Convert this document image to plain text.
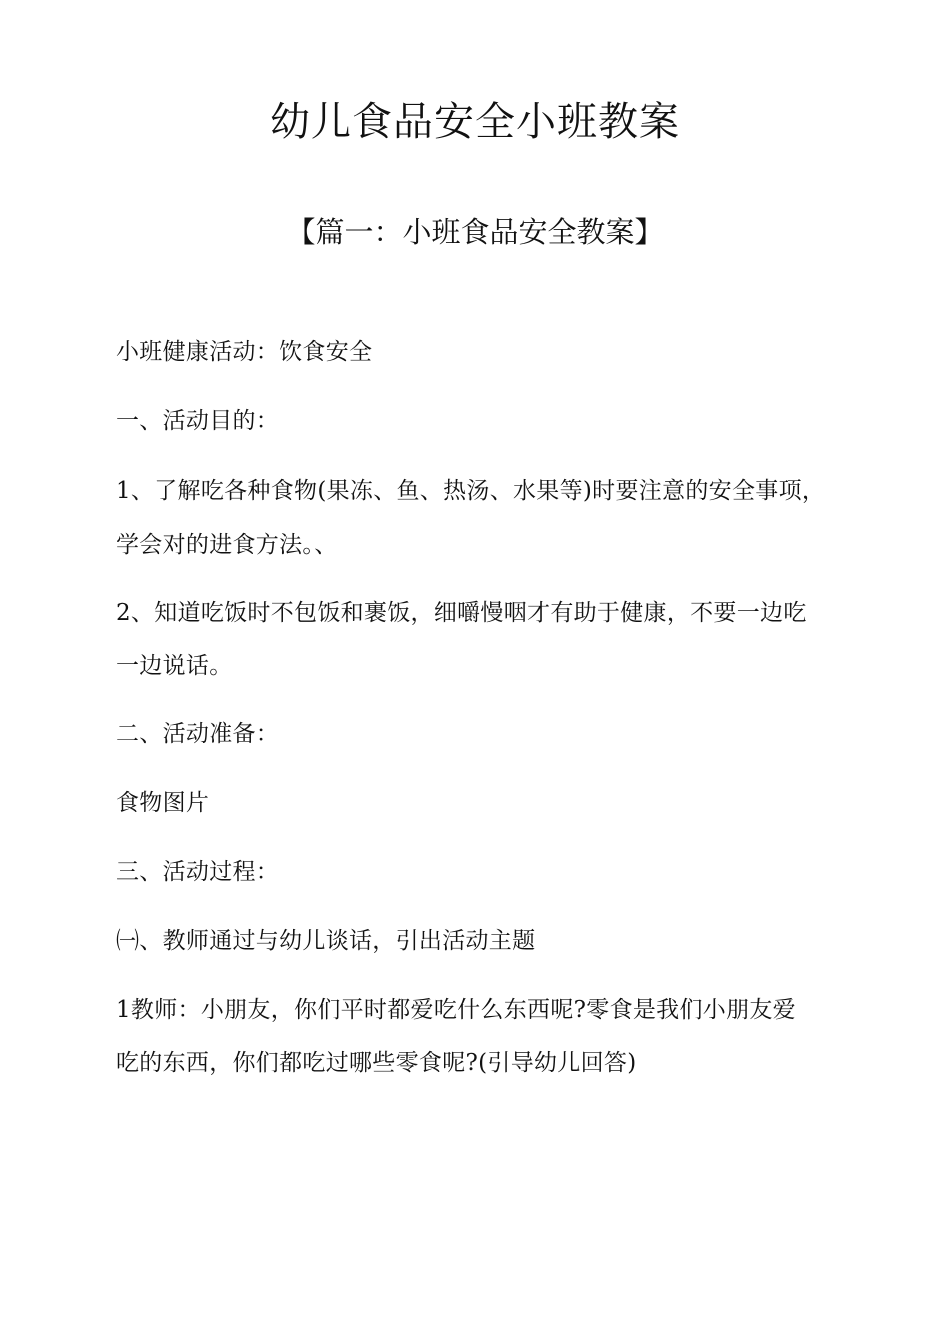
幼儿食品安全小班教案
【篇一：小班食品安全教案】
小班健康活动：饮食安全
一、活动目的：
1、了解吃各种食物(果冻、鱼、热汤、水果等)时要注意的安全事项，
学会对的进食方法。、
2、知道吃饭时不包饭和裹饭，细嚼慢咽才有助于健康，不要一边吃
一边说话。
二、活动准备：
食物图片
三、活动过程：
㈠、教师通过与幼儿谈话，引出活动主题
1教师：小朋友，你们平时都爱吃什么东西呢?零食是我们小朋友爱
吃的东西，你们都吃过哪些零食呢?(引导幼儿回答)
